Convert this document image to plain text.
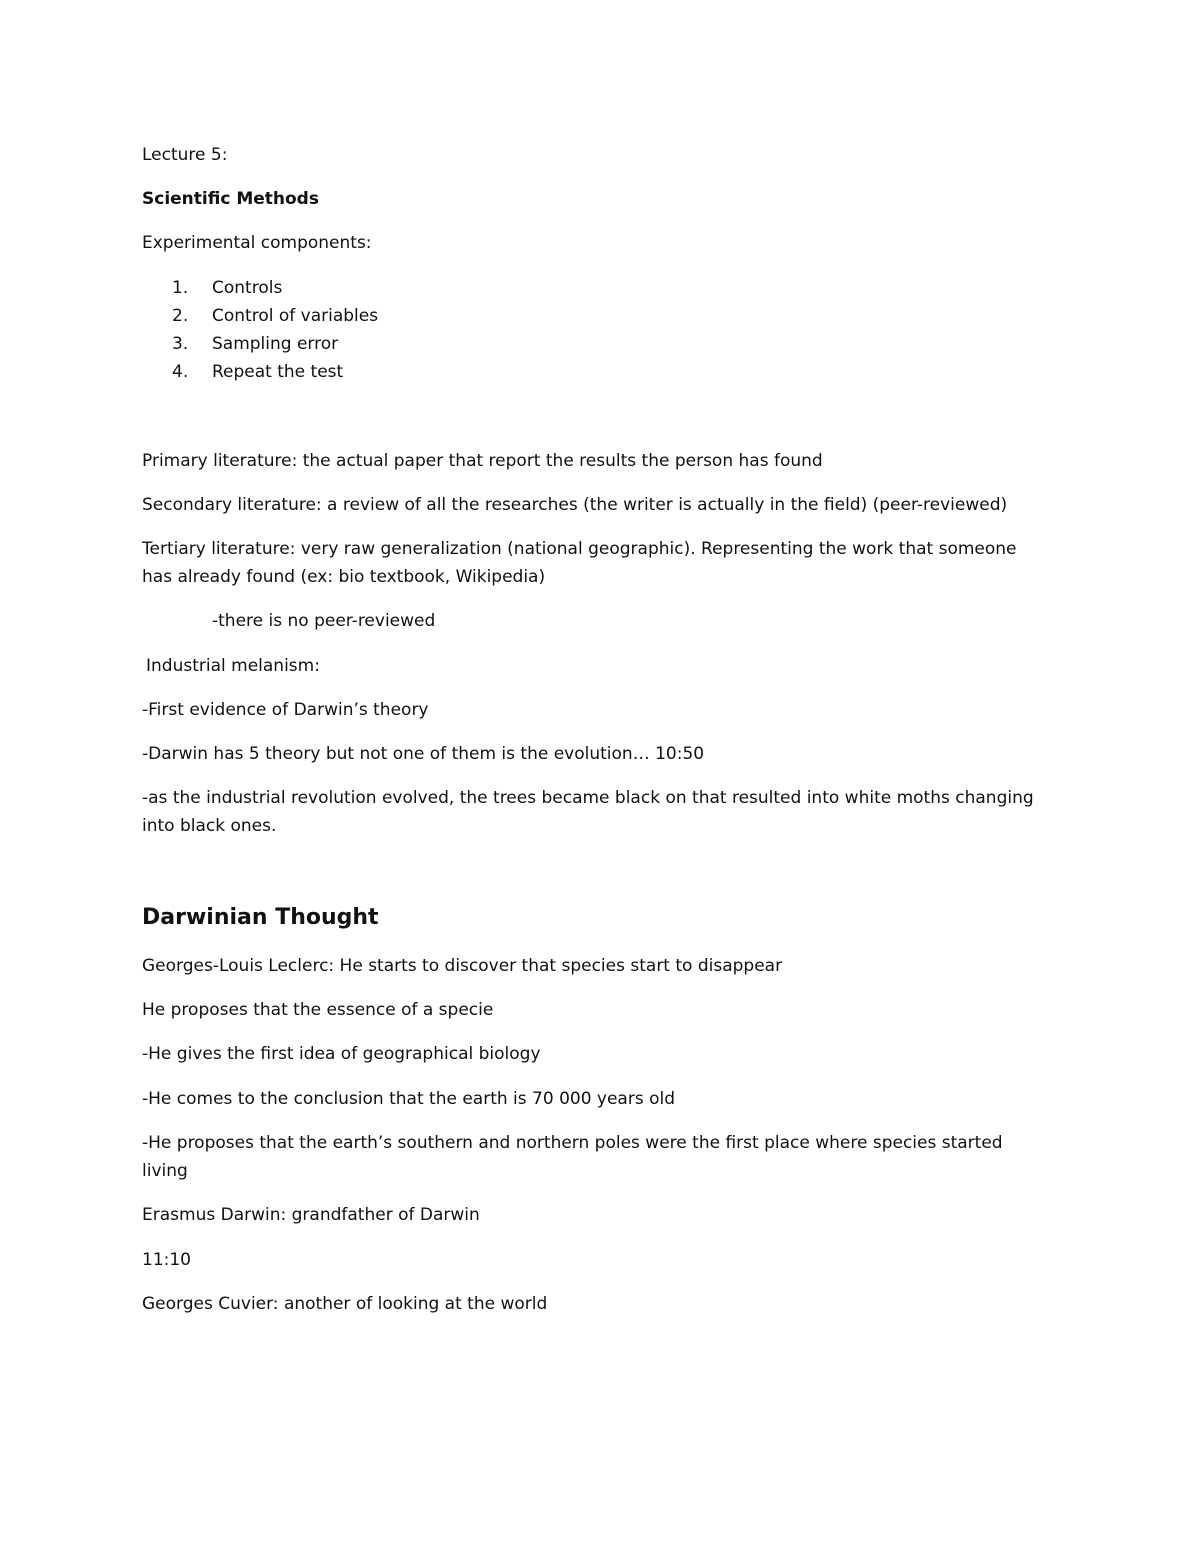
Lecture 5:
Scientific Methods
Experimental components:
1. Controls
2. Control of variables
3. Sampling error
4. Repeat the test
Primary literature: the actual paper that report the results the person has found
Secondary literature: a review of all the researches (the writer is actually in the field) (peer-reviewed)
Tertiary literature: very raw generalization (national geographic). Representing the work that someone
has already found (ex: bio textbook, Wikipedia)
-there is no peer-reviewed
Industrial melanism:
-First evidence of Darwin’s theory
-Darwin has 5 theory but not one of them is the evolution… 10:50
-as the industrial revolution evolved, the trees became black on that resulted into white moths changing
into black ones.
Darwinian Thought
Georges-Louis Leclerc: He starts to discover that species start to disappear
He proposes that the essence of a specie
-He gives the first idea of geographical biology
-He comes to the conclusion that the earth is 70 000 years old
-He proposes that the earth’s southern and northern poles were the first place where species started
living
Erasmus Darwin: grandfather of Darwin
11:10
Georges Cuvier: another of looking at the world
